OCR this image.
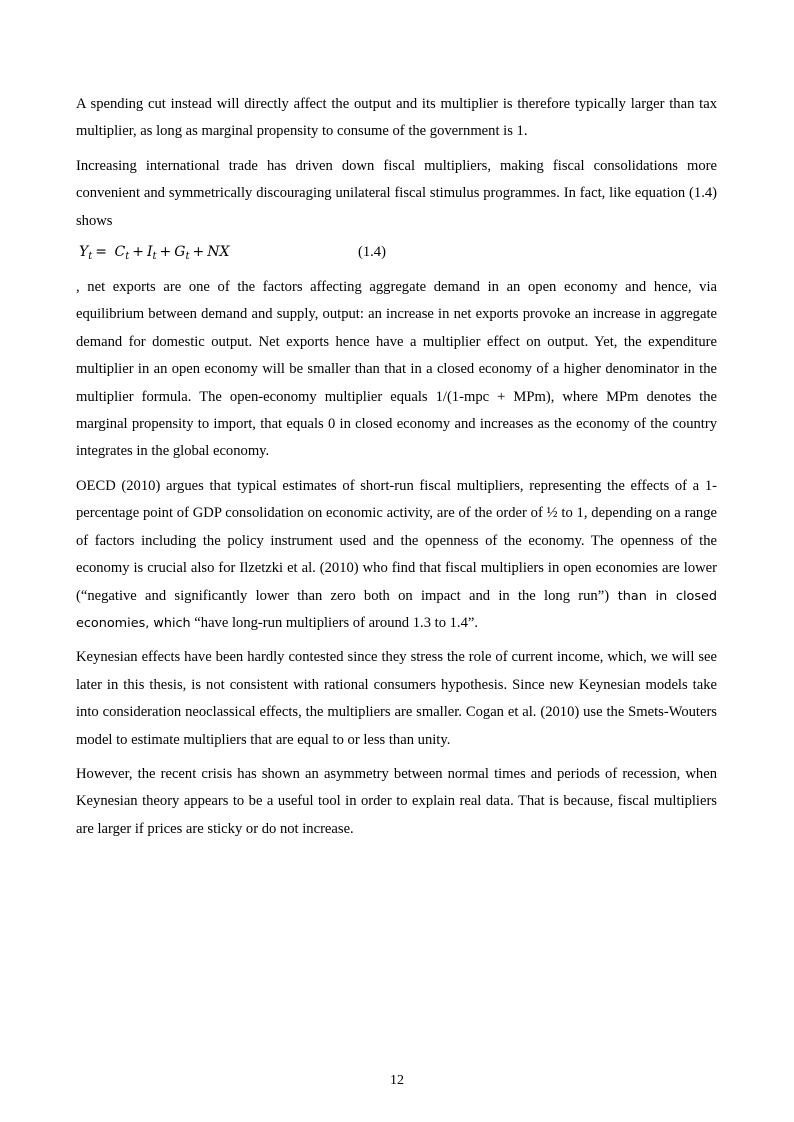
A spending cut instead will directly affect the output and its multiplier is therefore typically larger than tax multiplier, as long as marginal propensity to consume of the government is 1.

Increasing international trade has driven down fiscal multipliers, making fiscal consolidations more convenient and symmetrically discouraging unilateral fiscal stimulus programmes. In fact, like equation (1.4) shows

$Y_t = C_t + I_t + G_t$ + NX	(1.4)

, net exports are one of the factors affecting aggregate demand in an open economy and hence, via equilibrium between demand and supply, output: an increase in net exports provoke an increase in aggregate demand for domestic output. Net exports hence have a multiplier effect on output. Yet, the expenditure multiplier in an open economy will be smaller than that in a closed economy of a higher denominator in the multiplier formula. The open-economy multiplier equals 1/(1-mpc + MPm), where MPm denotes the marginal propensity to import, that equals 0 in closed economy and increases as the economy of the country integrates in the global economy.

OECD (2010) argues that typical estimates of short-run fiscal multipliers, representing the effects of a 1-percentage point of GDP consolidation on economic activity, are of the order of ½ to 1, depending on a range of factors including the policy instrument used and the openness of the economy. The openness of the economy is crucial also for Ilzetzki et al. (2010) who find that fiscal multipliers in open economies are lower (“negative and significantly lower than zero both on impact and in the long run”) than in closed economies, which “have long-run multipliers of around 1.3 to 1.4”.

Keynesian effects have been hardly contested since they stress the role of current income, which, we will see later in this thesis, is not consistent with rational consumers hypothesis. Since new Keynesian models take into consideration neoclassical effects, the multipliers are smaller. Cogan et al. (2010) use the Smets-Wouters model to estimate multipliers that are equal to or less than unity.

However, the recent crisis has shown an asymmetry between normal times and periods of recession, when Keynesian theory appears to be a useful tool in order to explain real data. That is because, fiscal multipliers are larger if prices are sticky or do not increase.

12
